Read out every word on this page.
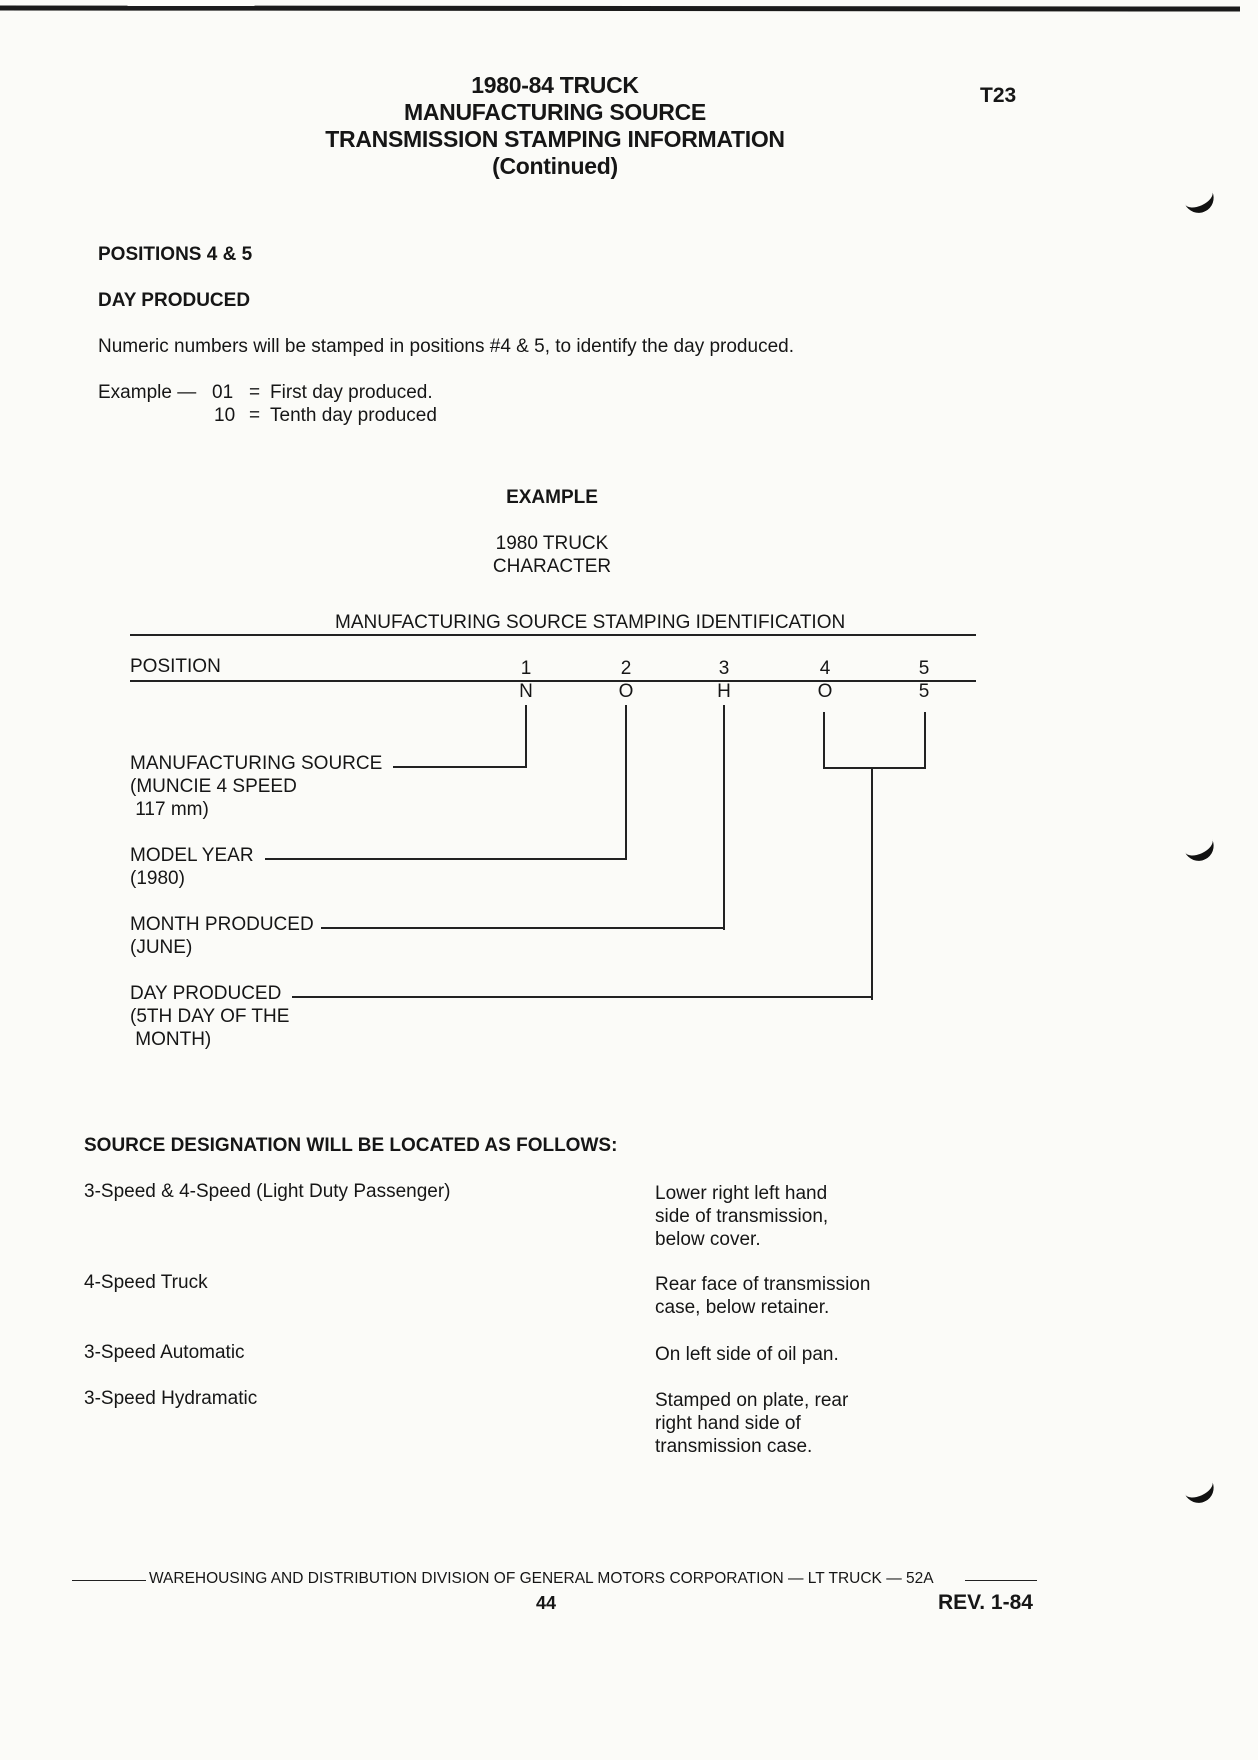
1980-84 TRUCK
MANUFACTURING SOURCE
TRANSMISSION STAMPING INFORMATION
(Continued)
T23
POSITIONS 4 & 5
DAY PRODUCED
Numeric numbers will be stamped in positions #4 & 5, to identify the day produced.
Example — 01 = First day produced.
10 = Tenth day produced
EXAMPLE
1980 TRUCK
CHARACTER
MANUFACTURING SOURCE STAMPING IDENTIFICATION
POSITION	1	2	3	4	5
N	O	H	O	5
MANUFACTURING SOURCE
(MUNCIE 4 SPEED
117 mm)
MODEL YEAR
(1980)
MONTH PRODUCED
(JUNE)
DAY PRODUCED
(5TH DAY OF THE
MONTH)
SOURCE DESIGNATION WILL BE LOCATED AS FOLLOWS:
3-Speed & 4-Speed (Light Duty Passenger)	Lower right left hand
side of transmission,
below cover.
4-Speed Truck	Rear face of transmission
case, below retainer.
3-Speed Automatic	On left side of oil pan.
3-Speed Hydramatic	Stamped on plate, rear
right hand side of
transmission case.
WAREHOUSING AND DISTRIBUTION DIVISION OF GENERAL MOTORS CORPORATION — LT TRUCK — 52A
44	REV. 1-84
